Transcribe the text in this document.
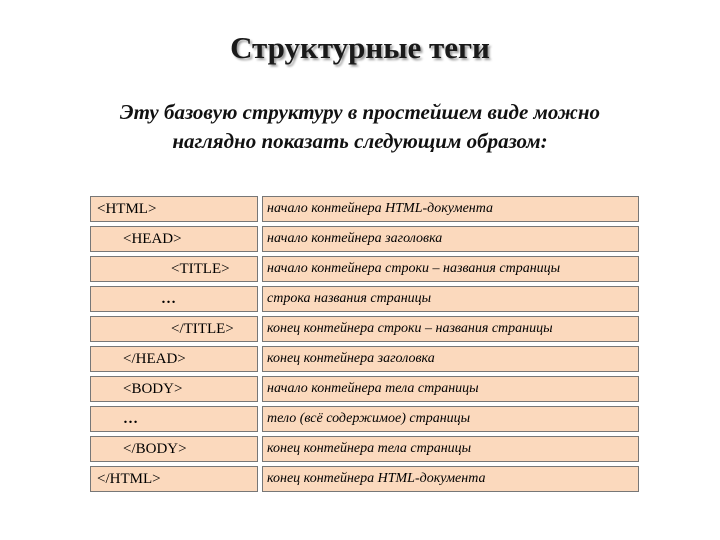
Структурные теги
Эту базовую структуру в простейшем виде можно
наглядно показать следующим образом:
<HTML>	начало контейнера HTML-документа
<HEAD>	начало контейнера заголовка
<TITLE>	начало контейнера строки – названия страницы
…	строка названия страницы
</TITLE>	конец контейнера строки – названия страницы
</HEAD>	конец контейнера заголовка
<BODY>	начало контейнера тела страницы
…	тело (всё содержимое) страницы
</BODY>	конец контейнера тела страницы
</HTML>	конец контейнера HTML-документа
